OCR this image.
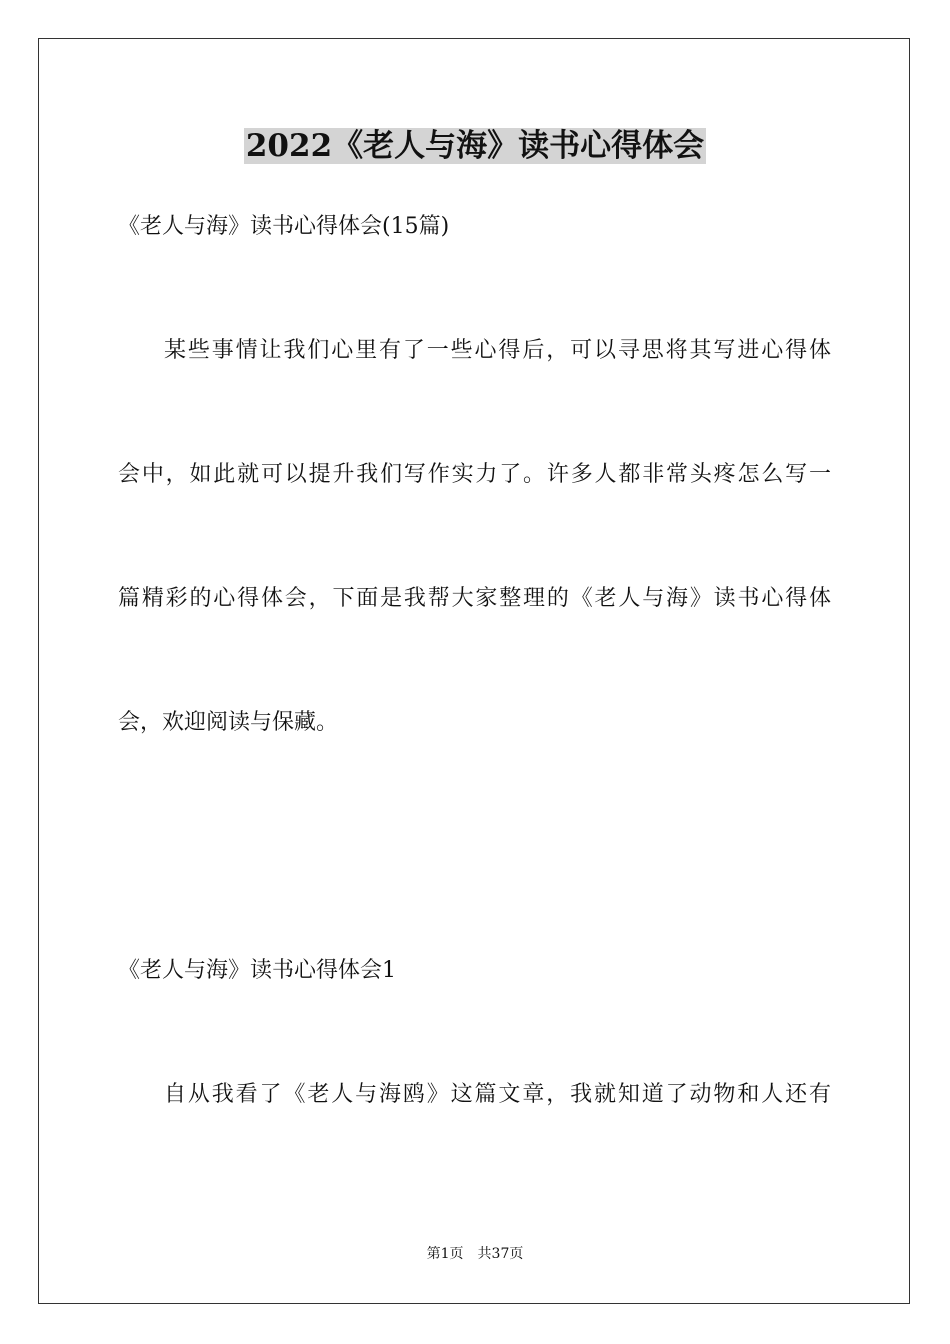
2022《老人与海》读书心得体会
《老人与海》读书心得体会(15篇)
某些事情让我们心里有了一些心得后，可以寻思将其写进心得体
会中，如此就可以提升我们写作实力了。许多人都非常头疼怎么写一
篇精彩的心得体会，下面是我帮大家整理的《老人与海》读书心得体
会，欢迎阅读与保藏。
《老人与海》读书心得体会1
自从我看了《老人与海鸥》这篇文章，我就知道了动物和人还有
第1页　共37页
